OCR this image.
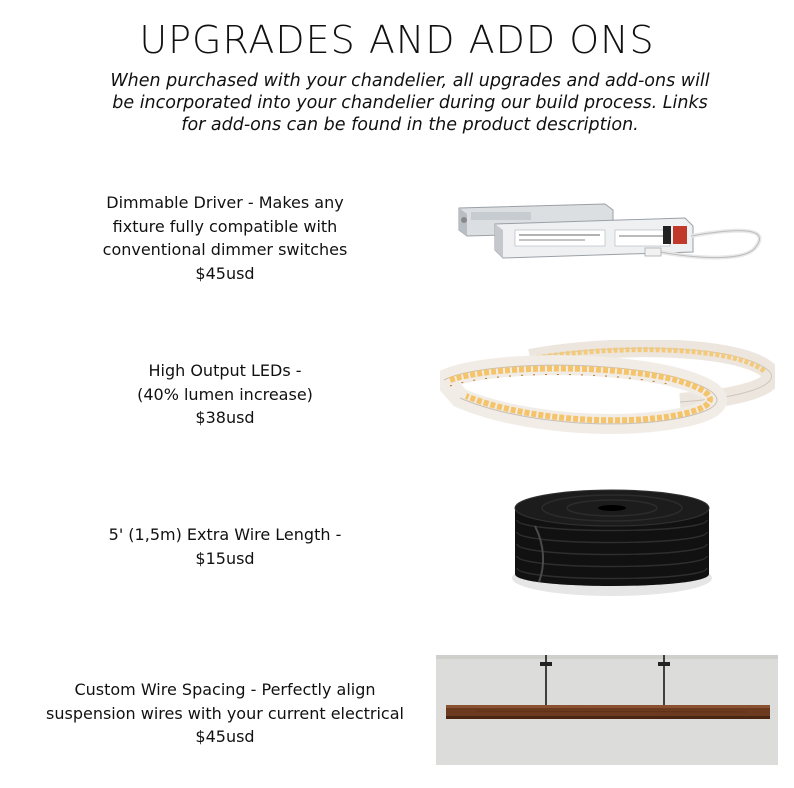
UPGRADES AND ADD ONS
When purchased with your chandelier, all upgrades and add-ons will
be incorporated into your chandelier during our build process. Links
for add-ons can be found in the product description.
Dimmable Driver - Makes any
fixture fully compatible with
conventional dimmer switches
$45usd
High Output LEDs -
(40% lumen increase)
$38usd
5' (1,5m) Extra Wire Length -
$15usd
Custom Wire Spacing - Perfectly align
suspension wires with your current electrical
$45usd
